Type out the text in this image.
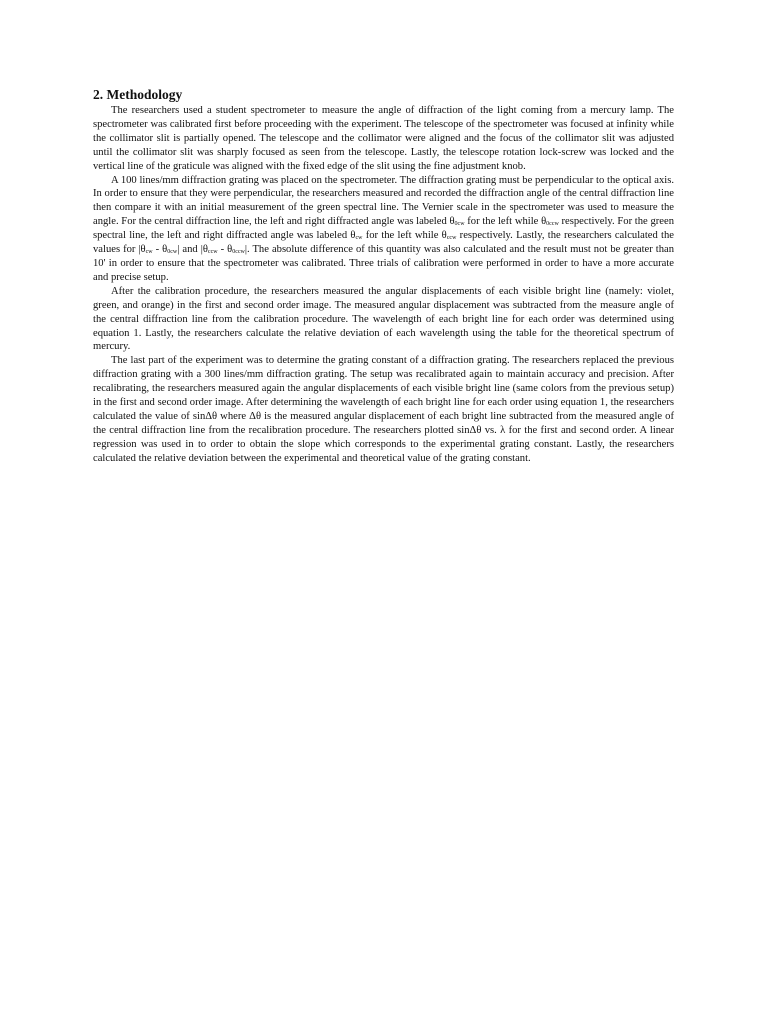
2. Methodology

The researchers used a student spectrometer to measure the angle of diffraction of the light coming from a mercury lamp. The spectrometer was calibrated first before proceeding with the experiment. The telescope of the spectrometer was focused at infinity while the collimator slit is partially opened. The telescope and the collimator were aligned and the focus of the collimator slit was adjusted until the collimator slit was sharply focused as seen from the telescope. Lastly, the telescope rotation lock-screw was locked and the vertical line of the graticule was aligned with the fixed edge of the slit using the fine adjustment knob.

A 100 lines/mm diffraction grating was placed on the spectrometer. The diffraction grating must be perpendicular to the optical axis. In order to ensure that they were perpendicular, the researchers measured and recorded the diffraction angle of the central diffraction line then compare it with an initial measurement of the green spectral line. The Vernier scale in the spectrometer was used to measure the angle. For the central diffraction line, the left and right diffracted angle was labeled $\theta_{0cw}$ for the left while $\theta_{0ccw}$ respectively. For the green spectral line, the left and right diffracted angle was labeled $\theta_{cw}$ for the left while $\theta_{ccw}$ respectively. Lastly, the researchers calculated the values for $|\theta_{cw} - \theta_{0cw}|$ and $|\theta_{ccw} - \theta_{0ccw}|$. The absolute difference of this quantity was also calculated and the result must not be greater than 10' in order to ensure that the spectrometer was calibrated. Three trials of calibration were performed in order to have a more accurate and precise setup.

After the calibration procedure, the researchers measured the angular displacements of each visible bright line (namely: violet, green, and orange) in the first and second order image. The measured angular displacement was subtracted from the measure angle of the central diffraction line from the calibration procedure. The wavelength of each bright line for each order was determined using equation 1. Lastly, the researchers calculate the relative deviation of each wavelength using the table for the theoretical spectrum of mercury.

The last part of the experiment was to determine the grating constant of a diffraction grating. The researchers replaced the previous diffraction grating with a 300 lines/mm diffraction grating. The setup was recalibrated again to maintain accuracy and precision. After recalibrating, the researchers measured again the angular displacements of each visible bright line (same colors from the previous setup) in the first and second order image. After determining the wavelength of each bright line for each order using equation 1, the researchers calculated the value of sinΔθ where Δθ is the measured angular displacement of each bright line subtracted from the measured angle of the central diffraction line from the recalibration procedure. The researchers plotted sinΔθ vs. λ for the first and second order. A linear regression was used in to order to obtain the slope which corresponds to the experimental grating constant. Lastly, the researchers calculated the relative deviation between the experimental and theoretical value of the grating constant.
